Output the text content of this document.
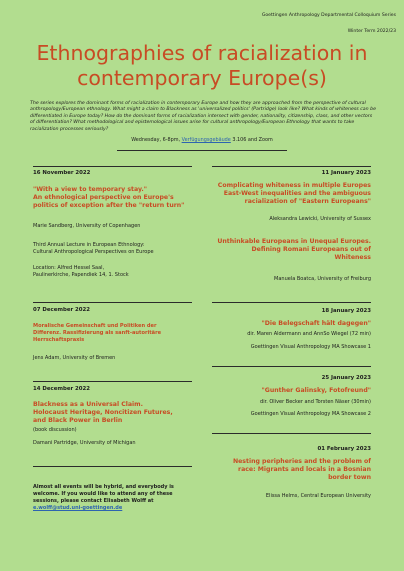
Goettingen Anthropology Departmental Colloquium Series
Winter Term 2022/23
Ethnographies of racialization in
contemporary Europe(s)
The series explores the dominant forms of racialization in contemporary Europe and how they are approached from the perspective of cultural anthropology/European ethnology. What might a claim to Blackness as 'universalized politics' (Partridge) look like? What kinds of whiteness can be differentiated in Europe today? How do the dominant forms of racialization intersect with gender, nationality, citizenship, class, and other vectors of differentiation? What methodological and epistemological issues arise for cultural anthropology/European Ethnology that wants to take racialization processes seriously?
Wednesday, 6-8pm, Verfügungsgebäude 3.106 and Zoom
16 November 2022
"With a view to temporary stay."
An ethnological perspective on Europe's
politics of exception after the "return turn"
Marie Sandberg, University of Copenhagen
Third Annual Lecture in European Ethnology:
Cultural Anthropological Perspectives on Europe
Location: Alfred Hessel Saal,
Paulinerkirche, Papendiek 14, 1. Stock
07 December 2022
Moralische Gemeinschaft und Politiken der
Differenz. Rassifizierung als sanft-autoritäre
Herrschaftspraxis
Jens Adam, University of Bremen
14 December 2022
Blackness as a Universal Claim.
Holocaust Heritage, Noncitizen Futures,
and Black Power in Berlin
(book discussion)
Damani Partridge, University of Michigan
Almost all events will be hybrid, and everybody is
welcome. If you would like to attend any of these
sessions, please contact Elisabeth Wolff at
e.wolff@stud.uni-goettingen.de
11 January 2023
Complicating whiteness in multiple Europes
East-West inequalities and the ambiguous
racialization of "Eastern Europeans"
Aleksandra Lewicki, University of Sussex
Unthinkable Europeans in Unequal Europes.
Defining Romani Europeans out of
Whiteness
Manuela Boatca, University of Freiburg
18 January 2023
"Die Belegschaft hält dagegen"
dir. Maren Aldermann and AnnSo Wiegel (72 min)
Goettingen Visual Anthropology MA Showcase 1
25 January 2023
"Gunther Galinsky, Fotofreund"
dir. Oliver Becker and Torsten Näser (30min)
Goettingen Visual Anthropology MA Showcase 2
01 February 2023
Nesting peripheries and the problem of
race: Migrants and locals in a Bosnian
border town
Elissa Helms, Central European University
